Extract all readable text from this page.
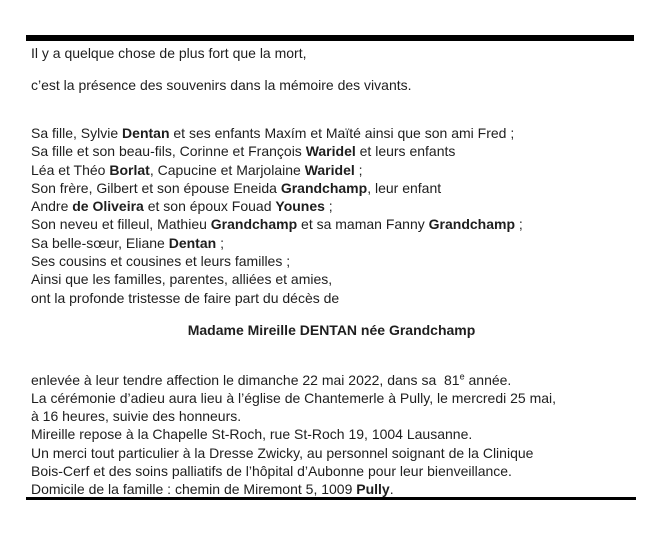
Il y a quelque chose de plus fort que la mort,
c’est la présence des souvenirs dans la mémoire des vivants.
Sa fille, Sylvie Dentan et ses enfants Maxím et Maïté ainsi que son ami Fred ;
Sa fille et son beau-fils, Corinne et François Waridel et leurs enfants
Léa et Théo Borlat, Capucine et Marjolaine Waridel ;
Son frère, Gilbert et son épouse Eneida Grandchamp, leur enfant
Andre de Oliveira et son époux Fouad Younes ;
Son neveu et filleul, Mathieu Grandchamp et sa maman Fanny Grandchamp ;
Sa belle-sœur, Eliane Dentan ;
Ses cousins et cousines et leurs familles ;
Ainsi que les familles, parentes, alliées et amies,
ont la profonde tristesse de faire part du décès de
Madame Mireille DENTAN née Grandchamp
enlevée à leur tendre affection le dimanche 22 mai 2022, dans sa  81e année.
La cérémonie d’adieu aura lieu à l’église de Chantemerle à Pully, le mercredi 25 mai,
à 16 heures, suivie des honneurs.
Mireille repose à la Chapelle St-Roch, rue St-Roch 19, 1004 Lausanne.
Un merci tout particulier à la Dresse Zwicky, au personnel soignant de la Clinique
Bois-Cerf et des soins palliatifs de l’hôpital d’Aubonne pour leur bienveillance.
Domicile de la famille : chemin de Miremont 5, 1009 Pully.
